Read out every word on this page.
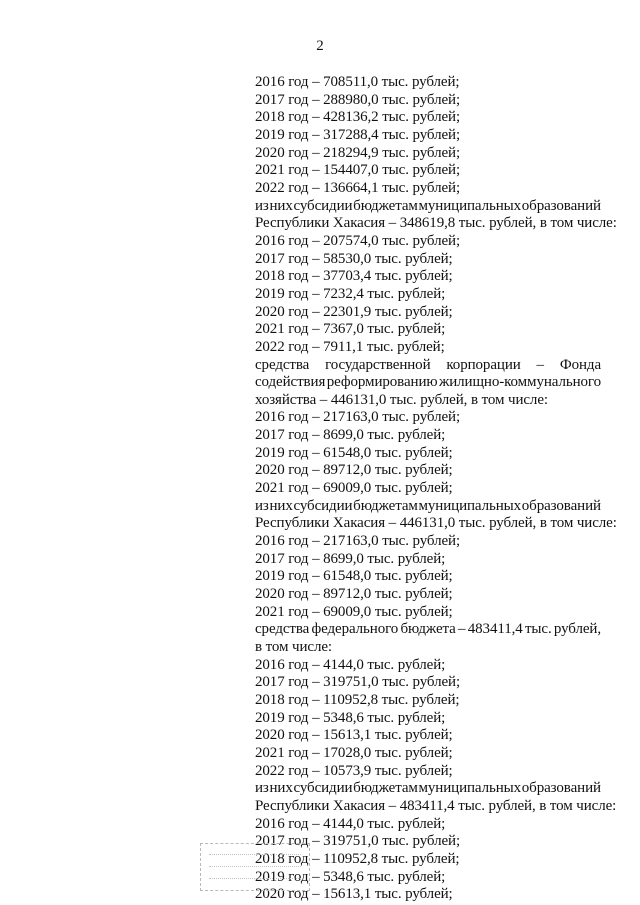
2
2016 год – 708511,0 тыс. рублей;
2017 год – 288980,0 тыс. рублей;
2018 год – 428136,2 тыс. рублей;
2019 год – 317288,4 тыс. рублей;
2020 год – 218294,9 тыс. рублей;
2021 год – 154407,0 тыс. рублей;
2022 год – 136664,1 тыс. рублей;
из них субсидии бюджетам муниципальных образований
Республики Хакасия – 348619,8 тыс. рублей, в том числе:
2016 год – 207574,0 тыс. рублей;
2017 год – 58530,0 тыс. рублей;
2018 год – 37703,4 тыс. рублей;
2019 год – 7232,4 тыс. рублей;
2020 год – 22301,9 тыс. рублей;
2021 год – 7367,0 тыс. рублей;
2022 год – 7911,1 тыс. рублей;
средства государственной корпорации – Фонда
содействия реформированию жилищно-коммунального
хозяйства – 446131,0 тыс. рублей, в том числе:
2016 год – 217163,0 тыс. рублей;
2017 год – 8699,0 тыс. рублей;
2019 год – 61548,0 тыс. рублей;
2020 год – 89712,0 тыс. рублей;
2021 год – 69009,0 тыс. рублей;
из них субсидии бюджетам муниципальных образований
Республики Хакасия – 446131,0 тыс. рублей, в том числе:
2016 год – 217163,0 тыс. рублей;
2017 год – 8699,0 тыс. рублей;
2019 год – 61548,0 тыс. рублей;
2020 год – 89712,0 тыс. рублей;
2021 год – 69009,0 тыс. рублей;
средства федерального бюджета – 483411,4 тыс. рублей,
в том числе:
2016 год – 4144,0 тыс. рублей;
2017 год – 319751,0 тыс. рублей;
2018 год – 110952,8 тыс. рублей;
2019 год – 5348,6 тыс. рублей;
2020 год – 15613,1 тыс. рублей;
2021 год – 17028,0 тыс. рублей;
2022 год – 10573,9 тыс. рублей;
из них субсидии бюджетам муниципальных образований
Республики Хакасия – 483411,4 тыс. рублей, в том числе:
2016 год – 4144,0 тыс. рублей;
2017 год – 319751,0 тыс. рублей;
2018 год – 110952,8 тыс. рублей;
2019 год – 5348,6 тыс. рублей;
2020 год – 15613,1 тыс. рублей;
